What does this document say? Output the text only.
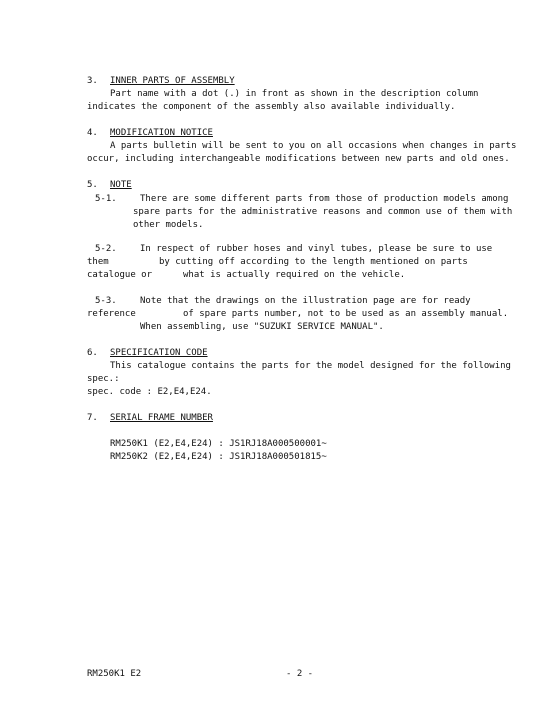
3. INNER PARTS OF ASSEMBLY
Part name with a dot (.) in front as shown in the description column
indicates the component of the assembly also available individually.
4. MODIFICATION NOTICE
A parts bulletin will be sent to you on all occasions when changes in parts
occur, including interchangeable modifications between new parts and old ones.
5. NOTE
5-1.	There are some different parts from those of production models among
spare parts for the administrative reasons and common use of them with
other models.
5-2.	In respect of rubber hoses and vinyl tubes, please be sure to use
them	by cutting off according to the length mentioned on parts
catalogue or	what is actually required on the vehicle.
5-3.	Note that the drawings on the illustration page are for ready
reference	of spare parts number, not to be used as an assembly manual.
When assembling, use "SUZUKI SERVICE MANUAL".
6. SPECIFICATION CODE
This catalogue contains the parts for the model designed for the following
spec.:
spec. code : E2,E4,E24.
7. SERIAL FRAME NUMBER
RM250K1 (E2,E4,E24) : JS1RJ18A000500001~
RM250K2 (E2,E4,E24) : JS1RJ18A000501815~
RM250K1 E2	- 2 -
